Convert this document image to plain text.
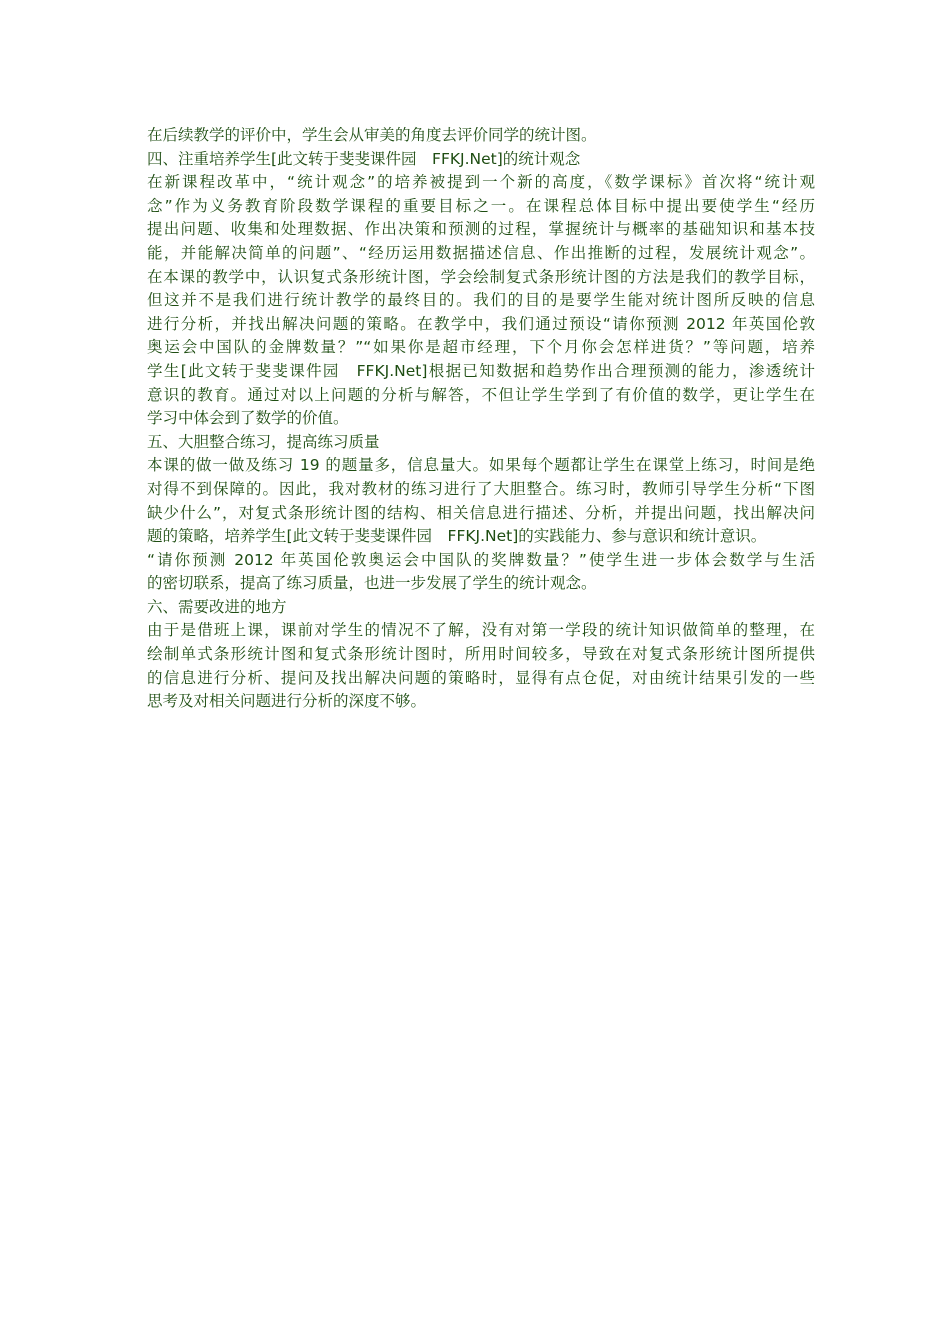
在后续教学的评价中，学生会从审美的角度去评价同学的统计图。

四、注重培养学生[此文转于斐斐课件园　FFKJ.Net]的统计观念

在新课程改革中，“统计观念”的培养被提到一个新的高度，《数学课标》首次将“统计观

念”作为义务教育阶段数学课程的重要目标之一。在课程总体目标中提出要使学生“经历

提出问题、收集和处理数据、作出决策和预测的过程，掌握统计与概率的基础知识和基本技

能，并能解决简单的问题”、“经历运用数据描述信息、作出推断的过程，发展统计观念”。

在本课的教学中，认识复式条形统计图，学会绘制复式条形统计图的方法是我们的教学目标，

但这并不是我们进行统计教学的最终目的。我们的目的是要学生能对统计图所反映的信息

进行分析，并找出解决问题的策略。在教学中，我们通过预设“请你预测 2012 年英国伦敦

奥运会中国队的金牌数量？”“如果你是超市经理，下个月你会怎样进货？”等问题，培养

学生[此文转于斐斐课件园　FFKJ.Net]根据已知数据和趋势作出合理预测的能力，渗透统计

意识的教育。通过对以上问题的分析与解答，不但让学生学到了有价值的数学，更让学生在

学习中体会到了数学的价值。

五、大胆整合练习，提高练习质量

本课的做一做及练习 19 的题量多，信息量大。如果每个题都让学生在课堂上练习，时间是绝

对得不到保障的。因此，我对教材的练习进行了大胆整合。练习时，教师引导学生分析“下图

缺少什么”，对复式条形统计图的结构、相关信息进行描述、分析，并提出问题，找出解决问

题的策略，培养学生[此文转于斐斐课件园　FFKJ.Net]的实践能力、参与意识和统计意识。

“请你预测 2012 年英国伦敦奥运会中国队的奖牌数量？”使学生进一步体会数学与生活

的密切联系，提高了练习质量，也进一步发展了学生的统计观念。

六、需要改进的地方

由于是借班上课，课前对学生的情况不了解，没有对第一学段的统计知识做简单的整理，在

绘制单式条形统计图和复式条形统计图时，所用时间较多，导致在对复式条形统计图所提供

的信息进行分析、提问及找出解决问题的策略时，显得有点仓促，对由统计结果引发的一些

思考及对相关问题进行分析的深度不够。
